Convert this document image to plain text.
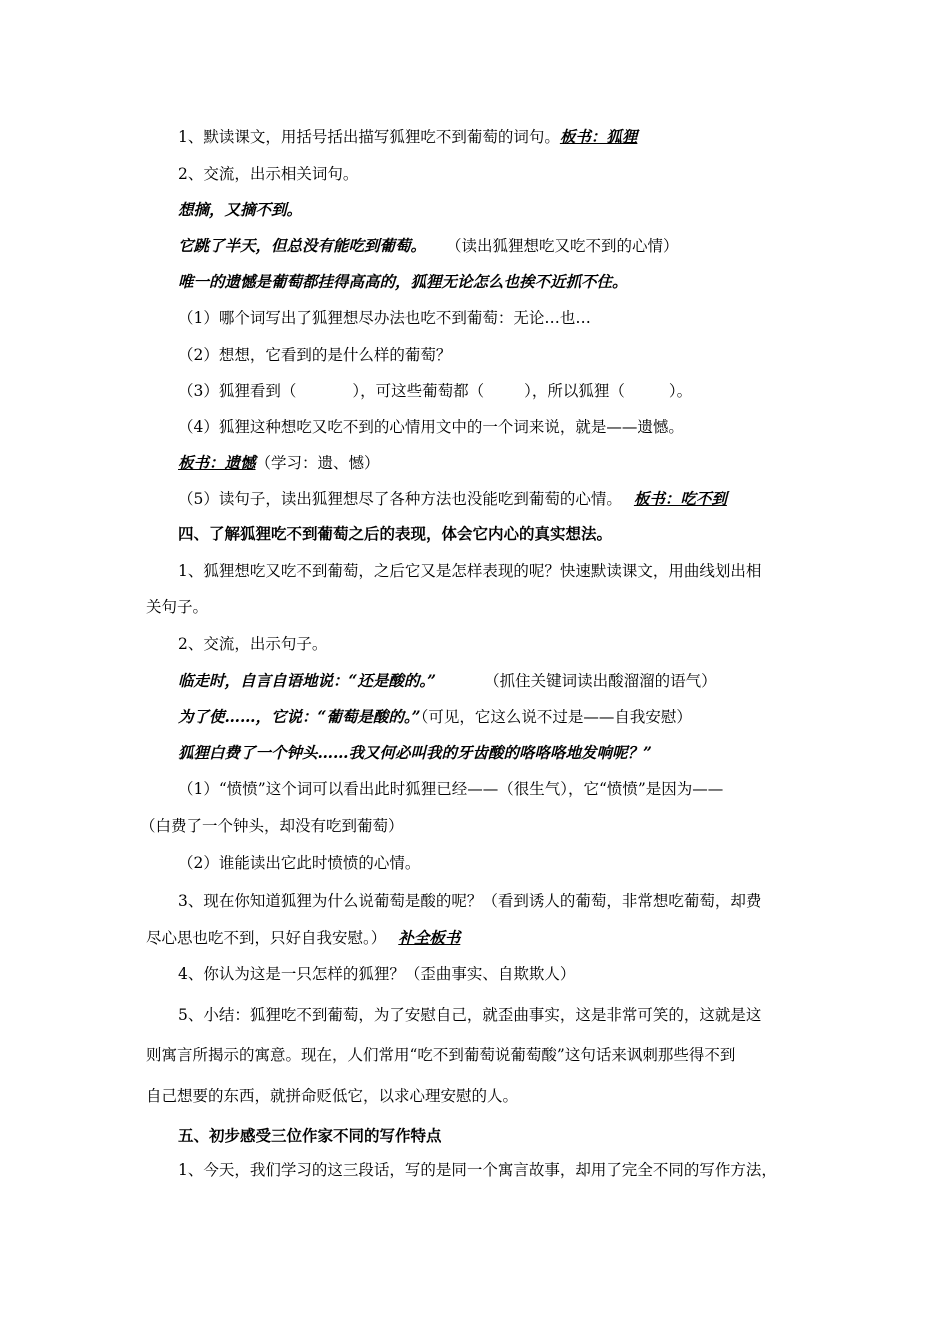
1、默读课文，用括号括出描写狐狸吃不到葡萄的词句。板书：狐狸
2、交流，出示相关词句。
想摘，又摘不到。
它跳了半天，但总没有能吃到葡萄。 （读出狐狸想吃又吃不到的心情）
唯一的遗憾是葡萄都挂得高高的，狐狸无论怎么也挨不近抓不住。
（1）哪个词写出了狐狸想尽办法也吃不到葡萄：无论…也…
（2）想想，它看到的是什么样的葡萄？
（3）狐狸看到（	），可这些葡萄都（	），所以狐狸（	）。
（4）狐狸这种想吃又吃不到的心情用文中的一个词来说，就是——遗憾。
板书：遗憾（学习：遗、憾）
（5）读句子，读出狐狸想尽了各种方法也没能吃到葡萄的心情。 板书：吃不到
四、了解狐狸吃不到葡萄之后的表现，体会它内心的真实想法。
1、狐狸想吃又吃不到葡萄，之后它又是怎样表现的呢？快速默读课文，用曲线划出相
关句子。
2、交流，出示句子。
临走时，自言自语地说：“还是酸的。”	（抓住关键词读出酸溜溜的语气）
为了使……，它说：“葡萄是酸的。”（可见，它这么说不过是——自我安慰）
狐狸白费了一个钟头……我又何必叫我的牙齿酸的咯咯咯地发响呢？”
（1）“愤愤”这个词可以看出此时狐狸已经——（很生气），它“愤愤”是因为——
（白费了一个钟头，却没有吃到葡萄）
（2）谁能读出它此时愤愤的心情。
3、现在你知道狐狸为什么说葡萄是酸的呢？（看到诱人的葡萄，非常想吃葡萄，却费
尽心思也吃不到，只好自我安慰。） 补全板书
4、你认为这是一只怎样的狐狸？（歪曲事实、自欺欺人）
5、小结：狐狸吃不到葡萄，为了安慰自己，就歪曲事实，这是非常可笑的，这就是这
则寓言所揭示的寓意。现在，人们常用“吃不到葡萄说葡萄酸”这句话来讽刺那些得不到
自己想要的东西，就拼命贬低它，以求心理安慰的人。
五、初步感受三位作家不同的写作特点
1、今天，我们学习的这三段话，写的是同一个寓言故事，却用了完全不同的写作方法，
